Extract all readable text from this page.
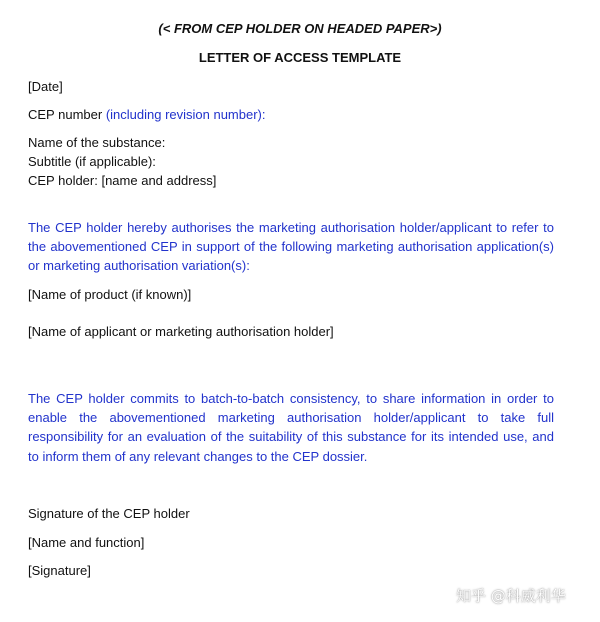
(< FROM CEP HOLDER ON HEADED PAPER>)
LETTER OF ACCESS TEMPLATE
[Date]
CEP number (including revision number):
Name of the substance:
Subtitle (if applicable):
CEP holder: [name and address]
The CEP holder hereby authorises the marketing authorisation holder/applicant to refer to the abovementioned CEP in support of the following marketing authorisation application(s) or marketing authorisation variation(s):
[Name of product (if known)]
[Name of applicant or marketing authorisation holder]
The CEP holder commits to batch-to-batch consistency, to share information in order to enable the abovementioned marketing authorisation holder/applicant to take full responsibility for an evaluation of the suitability of this substance for its intended use, and to inform them of any relevant changes to the CEP dossier.
Signature of the CEP holder
[Name and function]
[Signature]
知乎 @科威利华
